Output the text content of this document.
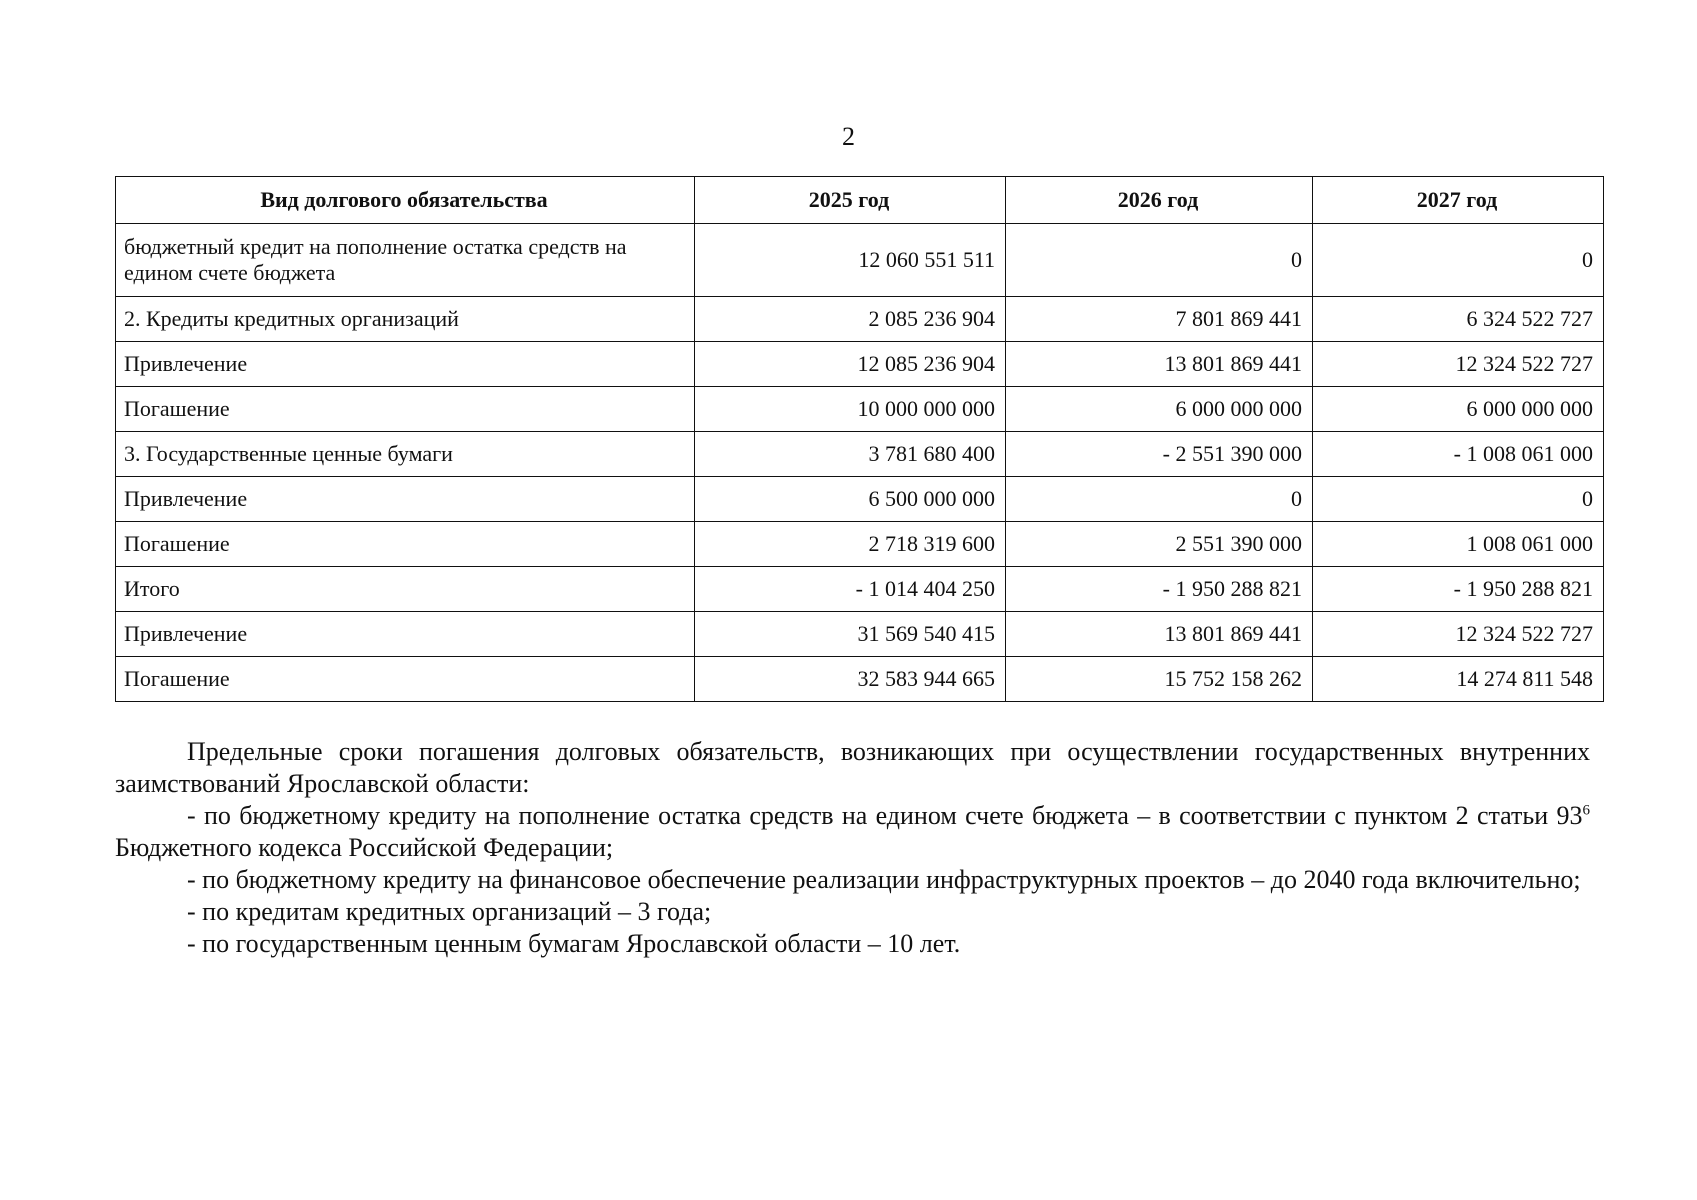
2
Вид долгового обязательства	2025 год	2026 год	2027 год
бюджетный кредит на пополнение остатка средств на едином счете бюджета	12 060 551 511	0	0
2. Кредиты кредитных организаций	2 085 236 904	7 801 869 441	6 324 522 727
Привлечение	12 085 236 904	13 801 869 441	12 324 522 727
Погашение	10 000 000 000	6 000 000 000	6 000 000 000
3. Государственные ценные бумаги	3 781 680 400	- 2 551 390 000	- 1 008 061 000
Привлечение	6 500 000 000	0	0
Погашение	2 718 319 600	2 551 390 000	1 008 061 000
Итого	- 1 014 404 250	- 1 950 288 821	- 1 950 288 821
Привлечение	31 569 540 415	13 801 869 441	12 324 522 727
Погашение	32 583 944 665	15 752 158 262	14 274 811 548

Предельные сроки погашения долговых обязательств, возникающих при осуществлении государственных внутренних заимствований Ярославской области:

- по бюджетному кредиту на пополнение остатка средств на едином счете бюджета – в соответствии с пунктом 2 статьи $93^6$ Бюджетного кодекса Российской Федерации;

- по бюджетному кредиту на финансовое обеспечение реализации инфраструктурных проектов – до 2040 года включительно;

- по кредитам кредитных организаций – 3 года;

- по государственным ценным бумагам Ярославской области – 10 лет.
